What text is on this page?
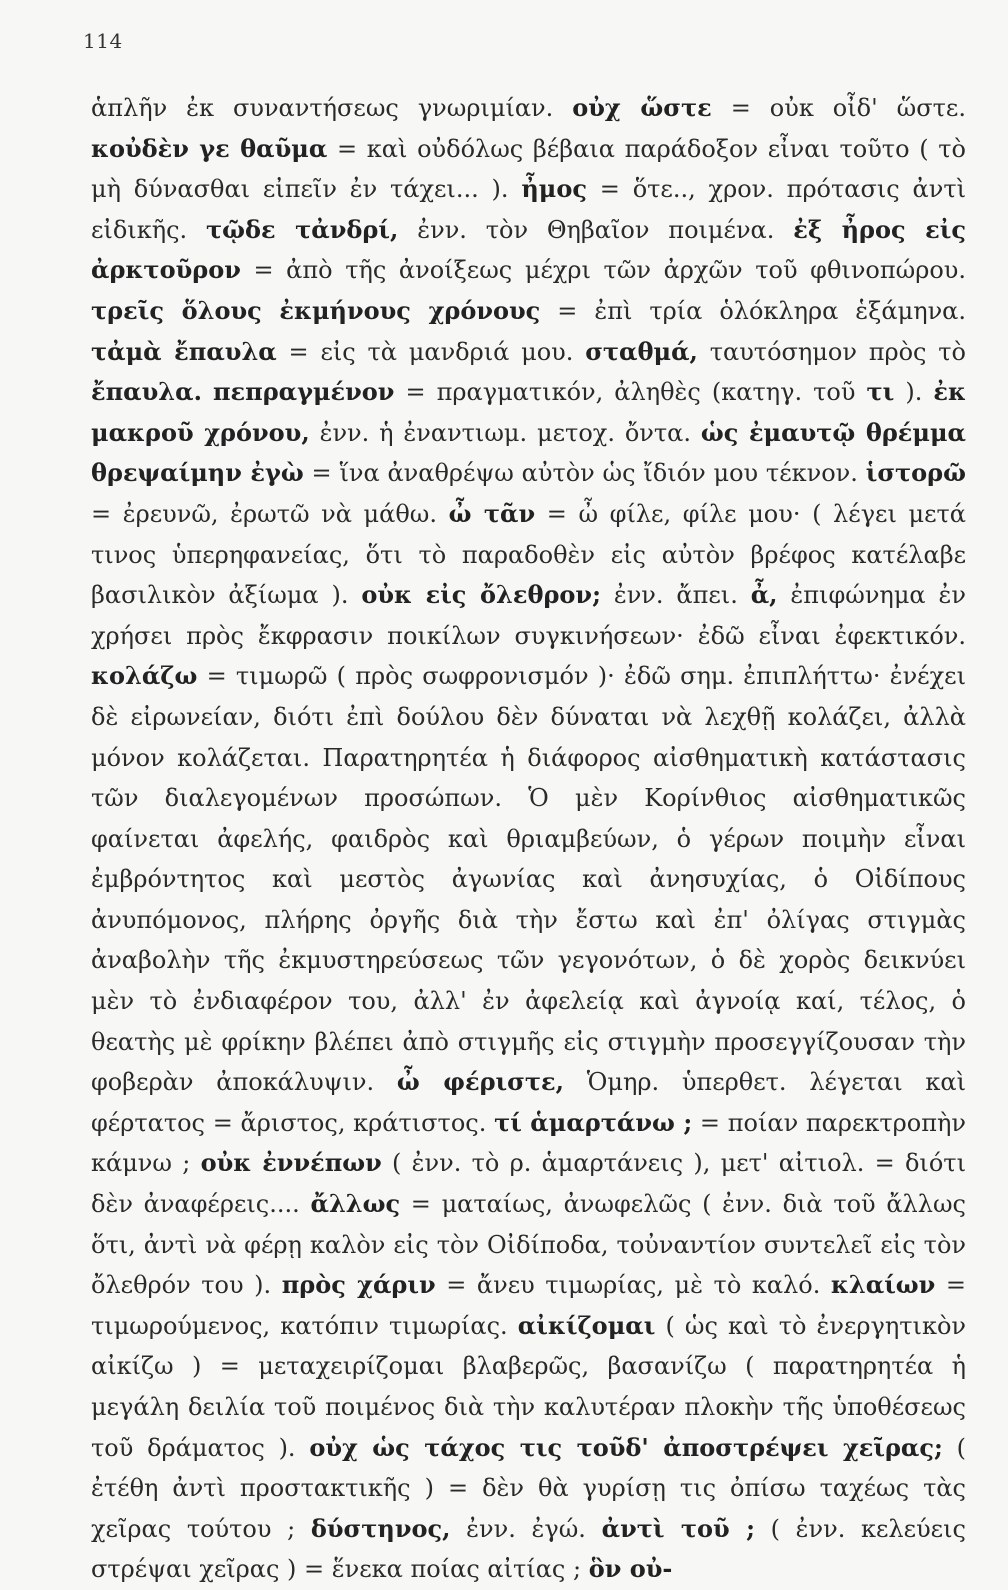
114
ἁπλῆν ἐκ συναντήσεως γνωριμίαν. οὐχ ὥστε = οὐκ οἶδ' ὥστε. κοὐδὲν γε θαῦμα = καὶ οὐδόλως βέβαια παράδοξον εἶναι τοῦτο ( τὸ μὴ δύνασθαι εἰπεῖν ἐν τάχει... ). ἦμος = ὅτε.., χρον. πρότασις ἀντὶ εἰδικῆς. τῷδε τἀνδρί, ἐνν. τὸν Θηβαῖον ποιμένα. ἐξ ἦρος εἰς ἀρκτοῦρον = ἀπὸ τῆς ἀνοίξεως μέχρι τῶν ἀρχῶν τοῦ φθινοπώρου. τρεῖς ὅλους ἐκμήνους χρόνους = ἐπὶ τρία ὁλόκληρα ἑξάμηνα. τἀμὰ ἔπαυλα = εἰς τὰ μανδριά μου. σταθμά, ταυτόσημον πρὸς τὸ ἔπαυλα. πεπραγμένον = πραγματικόν, ἀληθὲς (κατηγ. τοῦ τι ). ἐκ μακροῦ χρόνου, ἐνν. ἡ ἐναντιωμ. μετοχ. ὄντα. ὡς ἐμαυτῷ θρέμμα θρεψαίμην ἐγὼ = ἵνα ἀναθρέψω αὐτὸν ὡς ἴδιόν μου τέκνον. ἱστορῶ = ἐρευνῶ, ἐρωτῶ νὰ μάθω. ὦ τᾶν = ὦ φίλε, φίλε μου· ( λέγει μετά τινος ὑπερηφανείας, ὅτι τὸ παραδοθὲν εἰς αὐτὸν βρέφος κατέλαβε βασιλικὸν ἀξίωμα ). οὐκ εἰς ὄλεθρον; ἐνν. ἄπει. ἆ, ἐπιφώνημα ἐν χρήσει πρὸς ἔκφρασιν ποικίλων συγκινήσεων· ἐδῶ εἶναι ἐφεκτικόν. κολάζω = τιμωρῶ ( πρὸς σωφρονισμόν )· ἐδῶ σημ. ἐπιπλήττω· ἐνέχει δὲ εἰρωνείαν, διότι ἐπὶ δούλου δὲν δύναται νὰ λεχθῇ κολάζει, ἀλλὰ μόνον κολάζεται. Παρατηρητέα ἡ διάφορος αἰσθηματικὴ κατάστασις τῶν διαλεγομένων προσώπων. Ὁ μὲν Κορίνθιος αἰσθηματικῶς φαίνεται ἀφελής, φαιδρὸς καὶ θριαμβεύων, ὁ γέρων ποιμὴν εἶναι ἐμβρόντητος καὶ μεστὸς ἀγωνίας καὶ ἀνησυχίας, ὁ Οἰδίπους ἀνυπόμονος, πλήρης ὀργῆς διὰ τὴν ἔστω καὶ ἐπ' ὀλίγας στιγμὰς ἀναβολὴν τῆς ἐκμυστηρεύσεως τῶν γεγονότων, ὁ δὲ χορὸς δεικνύει μὲν τὸ ἐνδιαφέρον του, ἀλλ' ἐν ἀφελείᾳ καὶ ἀγνοίᾳ καί, τέλος, ὁ θεατὴς μὲ φρίκην βλέπει ἀπὸ στιγμῆς εἰς στιγμὴν προσεγγίζουσαν τὴν φοβερὰν ἀποκάλυψιν. ὦ φέριστε, Ὁμηρ. ὑπερθετ. λέγεται καὶ φέρτατος = ἄριστος, κράτιστος. τί ἁμαρτάνω ; = ποίαν παρεκτροπὴν κάμνω ; οὐκ ἐννέπων ( ἐνν. τὸ ρ. ἁμαρτάνεις ), μετ' αἰτιολ. = διότι δὲν ἀναφέρεις.... ἄλλως = ματαίως, ἀνωφελῶς ( ἐνν. διὰ τοῦ ἄλλως ὅτι, ἀντὶ νὰ φέρῃ καλὸν εἰς τὸν Οἰδίποδα, τοὐναντίον συντελεῖ εἰς τὸν ὄλεθρόν του ). πρὸς χάριν = ἄνευ τιμωρίας, μὲ τὸ καλό. κλαίων = τιμωρούμενος, κατόπιν τιμωρίας. αἰκίζομαι ( ὡς καὶ τὸ ἐνεργητικὸν αἰκίζω ) = μεταχειρίζομαι βλαβερῶς, βασανίζω ( παρατηρητέα ἡ μεγάλη δειλία τοῦ ποιμένος διὰ τὴν καλυτέραν πλοκὴν τῆς ὑποθέσεως τοῦ δράματος ). οὐχ ὡς τάχος τις τοῦδ' ἀποστρέψει χεῖρας; ( ἐτέθη ἀντὶ προστακτικῆς ) = δὲν θὰ γυρίσῃ τις ὀπίσω ταχέως τὰς χεῖρας τούτου ; δύστηνος, ἐνν. ἐγώ. ἀντὶ τοῦ ; ( ἐνν. κελεύεις στρέψαι χεῖρας ) = ἕνεκα ποίας αἰτίας ; ὃν οὐ-
